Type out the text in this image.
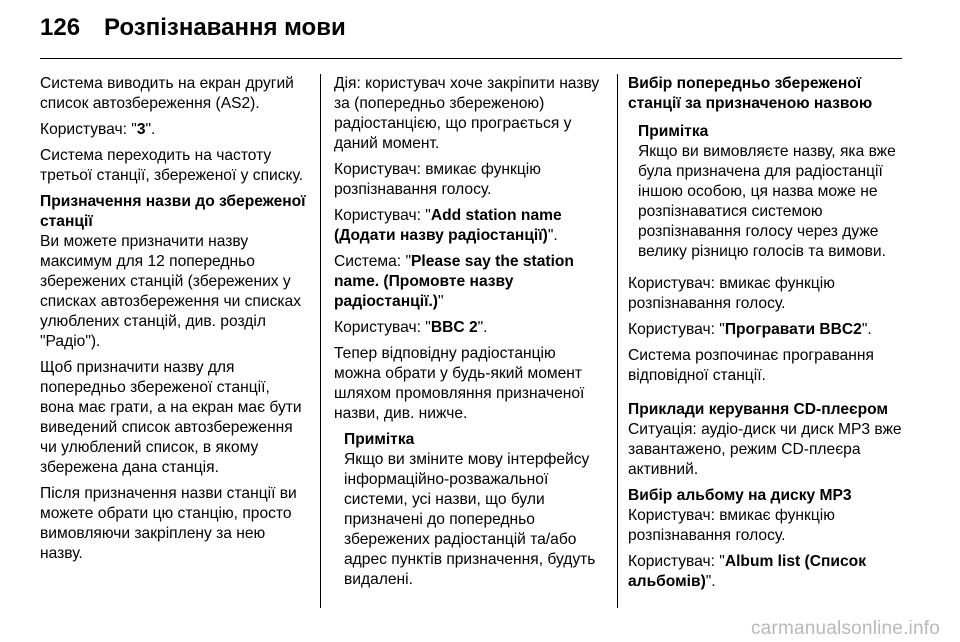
126 Розпізнавання мови

Система виводить на екран другий список автозбереження (AS2).

Користувач: "3".

Система переходить на частоту третьої станції, збереженої у списку.

Призначення назви до збереженої станції

Ви можете призначити назву максимум для 12 попередньо збережених станцій (збережених у списках автозбереження чи списках улюблених станцій, див. розділ "Радіо").

Щоб призначити назву для попередньо збереженої станції, вона має грати, а на екран має бути виведений список автозбереження чи улюблений список, в якому збережена дана станція.

Після призначення назви станції ви можете обрати цю станцію, просто вимовляючи закріплену за нею назву.

Дія: користувач хоче закріпити назву за (попередньо збереженою) радіостанцією, що програється у даний момент.

Користувач: вмикає функцію розпізнавання голосу.

Користувач: "Add station name (Додати назву радіостанції)".

Система: "Please say the station name. (Промовте назву радіостанції.)"

Користувач: "BBC 2".

Тепер відповідну радіостанцію можна обрати у будь-який момент шляхом промовляння призначеної назви, див. нижче.

Примітка

Якщо ви зміните мову інтерфейсу інформаційно-розважальної системи, усі назви, що були призначені до попередньо збережених радіостанцій та/або адрес пунктів призначення, будуть видалені.

Вибір попередньо збереженої станції за призначеною назвою
Примітка

Якщо ви вимовляєте назву, яка вже була призначена для радіостанції іншою особою, ця назва може не розпізнаватися системою розпізнавання голосу через дуже велику різницю голосів та вимови.

Користувач: вмикає функцію розпізнавання голосу.

Користувач: "Програвати BBC2".

Система розпочинає програвання відповідної станції.

Приклади керування CD-плеєром

Ситуація: аудіо-диск чи диск MP3 вже завантажено, режим CD-плеєра активний.

Вибір альбому на диску MP3

Користувач: вмикає функцію розпізнавання голосу.

Користувач: "Album list (Список альбомів)".

carmanualsonline.info
